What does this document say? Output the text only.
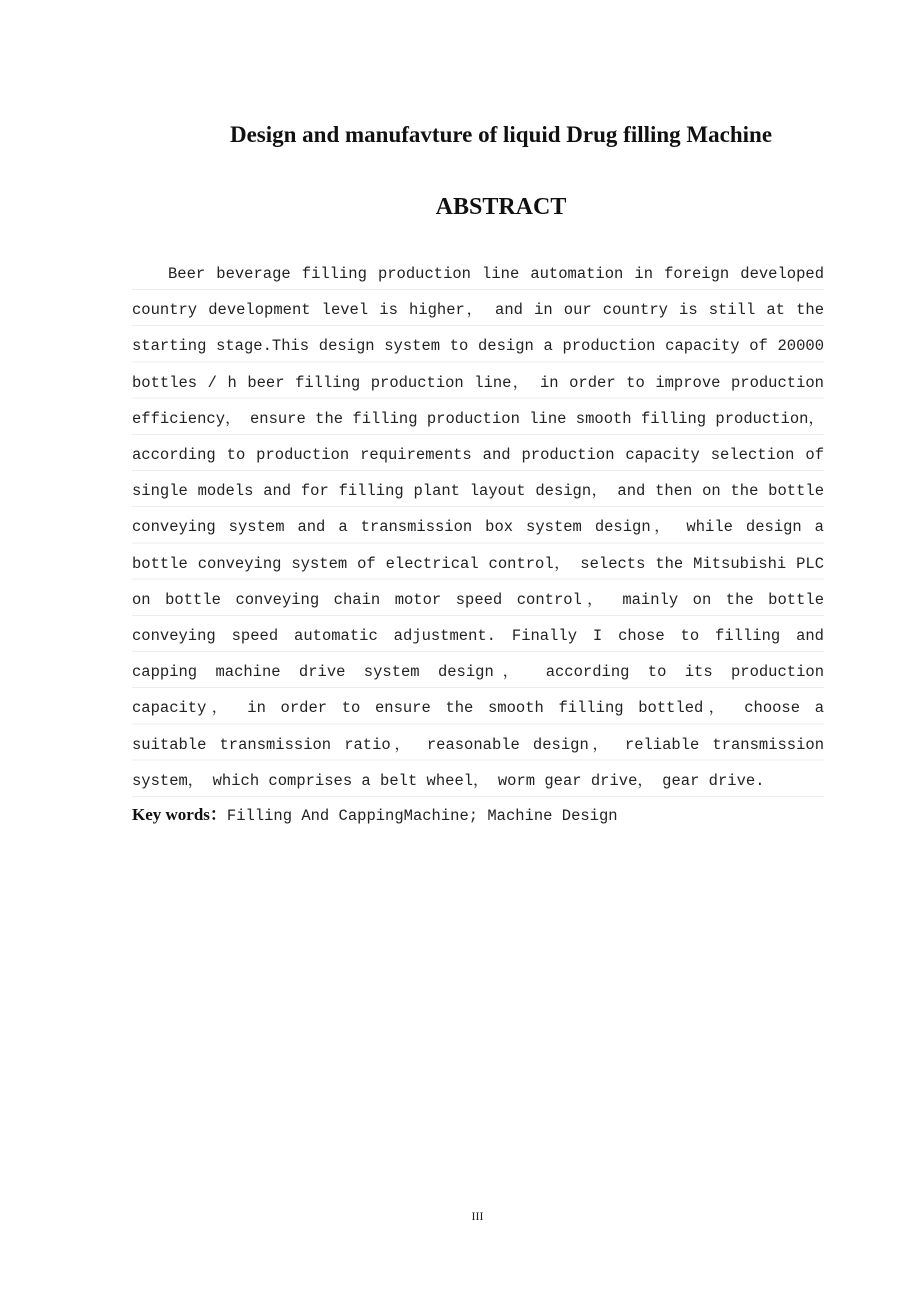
Design and manufavture of liquid Drug filling Machine
ABSTRACT

Beer beverage filling production line automation in foreign developed country development level is higher， and in our country is still at the starting stage.This design system to design a production capacity of 20000 bottles / h beer filling production line， in order to improve production efficiency， ensure the filling production line smooth filling production， according to production requirements and production capacity selection of single models and for filling plant layout design， and then on the bottle conveying system and a transmission box system design， while design a bottle conveying system of electrical control， selects the Mitsubishi PLC on bottle conveying chain motor speed control， mainly on the bottle conveying speed automatic adjustment. Finally I chose to filling and capping machine drive system design， according to its production capacity， in order to ensure the smooth filling bottled， choose a suitable transmission ratio， reasonable design， reliable transmission system， which comprises a belt wheel， worm gear drive， gear drive.

Key words：Filling And CappingMachine; Machine Design
III
